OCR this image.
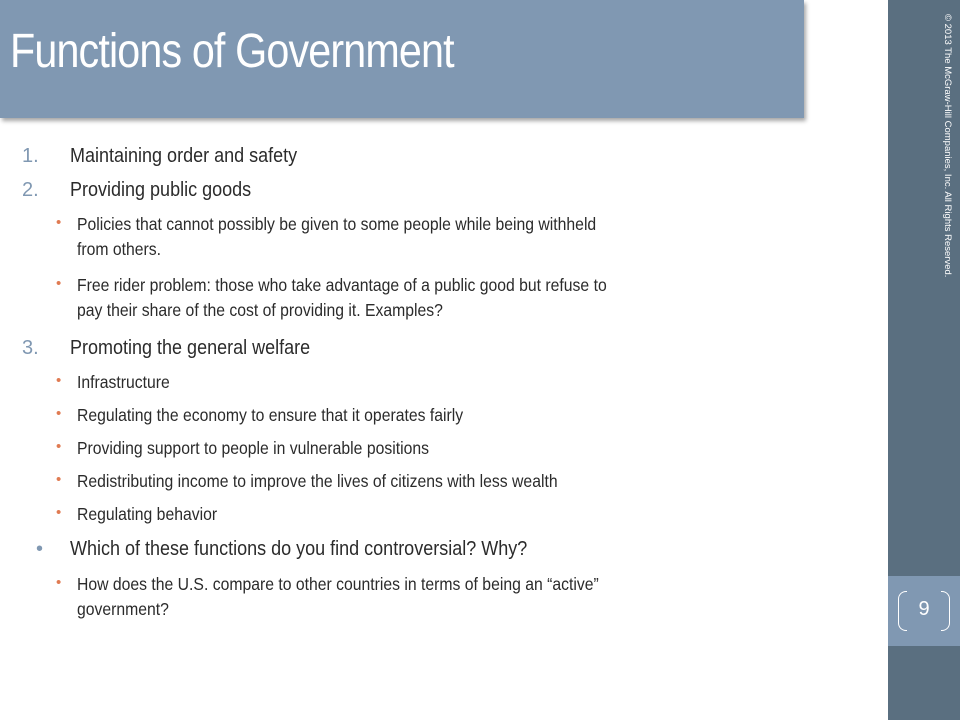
Functions of Government	© 2013 The McGraw-Hill Companies, Inc. All Rights Reserved.
9
1. Maintaining order and safety
2. Providing public goods
• Policies that cannot possibly be given to some people while being withheld
from others.
• Free rider problem: those who take advantage of a public good but refuse to
pay their share of the cost of providing it. Examples?
3. Promoting the general welfare
• Infrastructure
• Regulating the economy to ensure that it operates fairly
• Providing support to people in vulnerable positions
• Redistributing income to improve the lives of citizens with less wealth
• Regulating behavior
• Which of these functions do you find controversial? Why?
• How does the U.S. compare to other countries in terms of being an “active”
government?
